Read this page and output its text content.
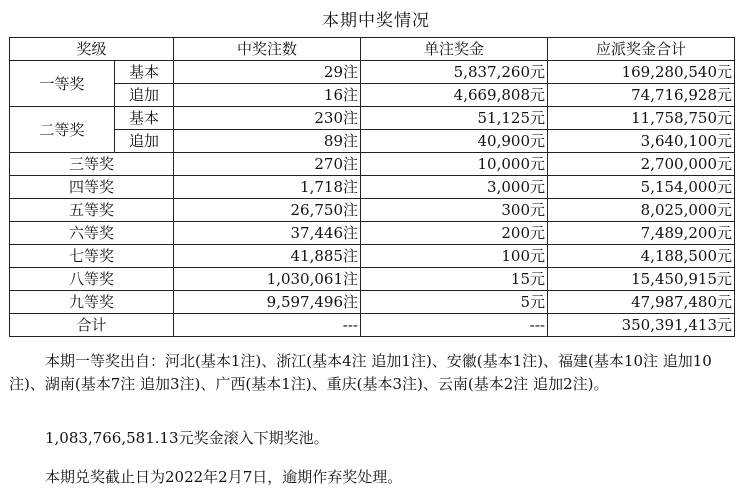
本期中奖情况
奖级		中奖注数	单注奖金	应派奖金合计
一等奖	基本	29注	5,837,260元	169,280,540元
	追加	16注	4,669,808元	74,716,928元
二等奖	基本	230注	51,125元	11,758,750元
	追加	89注	40,900元	3,640,100元
三等奖		270注	10,000元	2,700,000元
四等奖		1,718注	3,000元	5,154,000元
五等奖		26,750注	300元	8,025,000元
六等奖		37,446注	200元	7,489,200元
七等奖		41,885注	100元	4,188,500元
八等奖		1,030,061注	15元	15,450,915元
九等奖		9,597,496注	5元	47,987,480元
合计		---	---	350,391,413元
本期一等奖出自：河北(基本1注)、浙江(基本4注 追加1注)、安徽(基本1注)、福建(基本10注 追加10注)、湖南(基本7注 追加3注)、广西(基本1注)、重庆(基本3注)、云南(基本2注 追加2注)。
1,083,766,581.13元奖金滚入下期奖池。
本期兑奖截止日为2022年2月7日，逾期作弃奖处理。
